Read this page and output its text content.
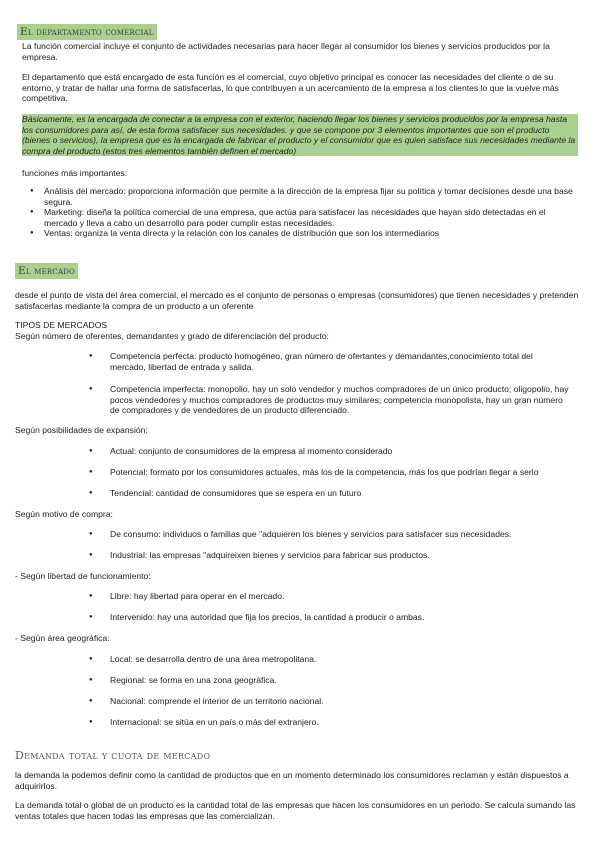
El departamento comercial

La función comercial incluye el conjunto de actividades necesarias para hacer llegar al consumidor los bienes y servicios producidos por la empresa.

El departamento que está encargado de esta función es el comercial, cuyo objetivo principal es conocer las necesidades del cliente o de su entorno, y tratar de hallar una forma de satisfacerlas, lo que contribuyen a un acercamiento de la empresa a los clientes lo que la vuelve más competitiva.

Básicamente, es la encargada de conectar a la empresa con el exterior, haciendo llegar los bienes y servicios producidos por la empresa hasta los consumidores para así, de esta forma satisfacer sus necesidades. y que se compone por 3 elementos importantes que son el producto (bienes o servicios), la empresa que es la encargada de fabricar el producto y el consumidor que es quien satisface sus necesidades mediante la compra del producto (estos tres elementos también definen el mercado)

funciones más importantes:

● Análisis del mercado: proporciona información que permite a la dirección de la empresa fijar su política y tomar decisiones desde una base segura.
● Marketing: diseña la política comercial de una empresa, que actúa para satisfacer las necesidades que hayan sido detectadas en el mercado y lleva a cabo un desarrollo para poder cumplir estas necesidades.
● Ventas: organiza la venta directa y la relación con los canales de distribución que son los intermediarios
El mercado

desde el punto de vista del área comercial, el mercado es el conjunto de personas o empresas (consumidores) que tienen necesidades y pretenden satisfacerlas mediante la compra de un producto a un oferente

TIPOS DE MERCADOS

Según número de oferentes, demandantes y grado de diferenciación del producto:

●	Competencia perfecta: producto homogéneo, gran número de ofertantes y demandantes,conocimiento total del mercado, libertad de entrada y salida.
●	Competencia imperfecta: monopolio, hay un solo vendedor y muchos compradores de un único producto; oligopolio, hay pocos vendedores y muchos compradores de productos muy similares; competencia monopolista, hay un gran número de compradores y de vendedores de un producto diferenciado.

Según posibilidades de expansión:

●	Actual: conjunto de consumidores de la empresa al momento considerado
●	Potencial: formato por los consumidores actuales, más los de la competencia, más los que podrían llegar a serlo
●	Tendencial: cantidad de consumidores que se espera en un futuro

Según motivo de compra:

●	De consumo: individuos o familias que "adquieren los bienes y servicios para satisfacer sus necesidades.
●	Industrial: las empresas "adquireixen bienes y servicios para fabricar sus productos.

- Según libertad de funcionamiento:

●	Libre: hay libertad para operar en el mercado.
●	Intervenido: hay una autoridad que fija los precios, la cantidad a producir o ambas.

- Según área geográfica:

●	Local: se desarrolla dentro de una área metropolitana.
●	Regional: se forma en una zona geográfica.
●	Nacional: comprende el interior de un territorio nacional.
●	Internacional: se sitúa en un país o más del extranjero.
Demanda total y cuota de mercado

la demanda la podemos definir como la cantidad de productos que en un momento determinado los consumidores reclaman y están dispuestos a adquirirlos.

La demanda total o global de un producto es la cantidad total de las empresas que hacen los consumidores en un periodo. Se calcula sumando las ventas totales que hacen todas las empresas que las comercializan.
